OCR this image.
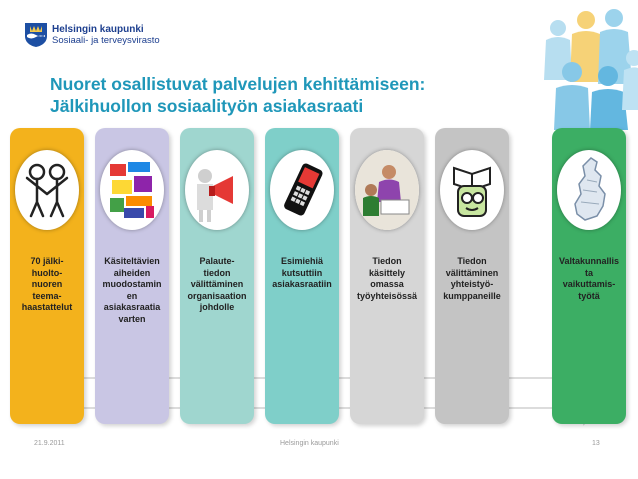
Helsingin kaupunki
Sosiaali- ja terveysvirasto
Nuoret osallistuvat palvelujen kehittämiseen:
Jälkihuollon sosiaalityön asiakasraati
70 jälki-
huolto-
nuoren
teema-
haastattelut
Käsiteltävien
aiheiden
muodostamin
en
asiakasraatia
varten
Palaute-
tiedon
välittäminen
organisaation
johdolle
Esimiehiä
kutsuttiin
asiakasraatiin
Tiedon
käsittely
omassa
työyhteisössä
Tiedon
välittäminen
yhteistyö-
kumppaneille
Valtakunnallis
ta
vaikuttamis-
työtä
21.9.2011	Helsingin kaupunki	13
